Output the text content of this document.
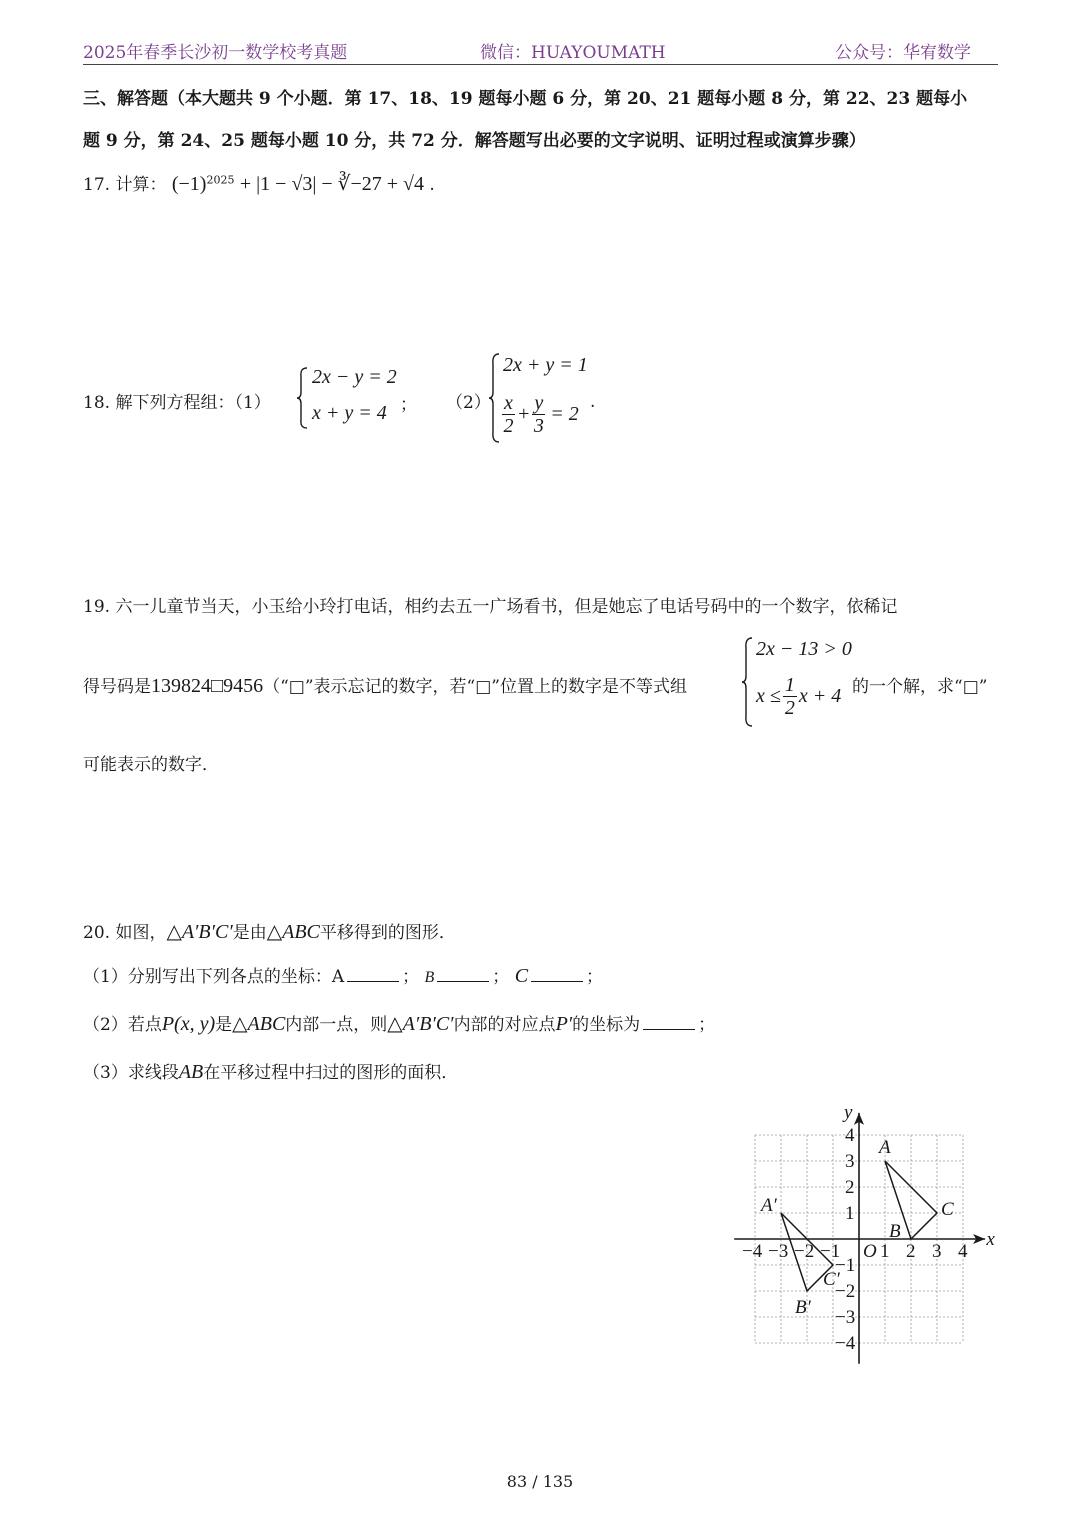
2025年春季长沙初一数学校考真题	微信：HUAYOUMATH	公众号：华宥数学
三、解答题（本大题共 9 个小题．第 17、18、19 题每小题 6 分，第 20、21 题每小题 8 分，第 22、23 题每小
题 9 分，第 24、25 题每小题 10 分，共 72 分．解答题写出必要的文字说明、证明过程或演算步骤）
17. 计算： $(-1)^{2025} + |1 - √3|$ − ∛−27 + √4 .
18. 解下列方程组：（1）
2x − y = 2
x + y = 4 ； （2）
2x + y = 1
$\frac{x}{2} + \frac{y}{3} = 2$
.
19. 六一儿童节当天，小玉给小玲打电话，相约去五一广场看书，但是她忘了电话号码中的一个数字，依稀记
得号码是139824□9456（“□”表示忘记的数字，若“□”位置上的数字是不等式组
2x − 13 > 0
$x \le \frac{1}{2}$ x + 4 的一个解，求“□”
可能表示的数字．
20. 如图，△A′B′C′是由△ABC平移得到的图形．
（1）分别写出下列各点的坐标：A	； B	； C	；
（2）若点P(x, y)是△ABC内部一点，则△A′B′C′内部的对应点P′的坐标为	；
（3）求线段AB在平移过程中扫过的图形的面积．
x
y
O
−4 −3 −2 −1 1 2 3 4
4
3
2
1
−1
−2
−3
−4
A
B
C
A′
B′
C′
83 / 135
